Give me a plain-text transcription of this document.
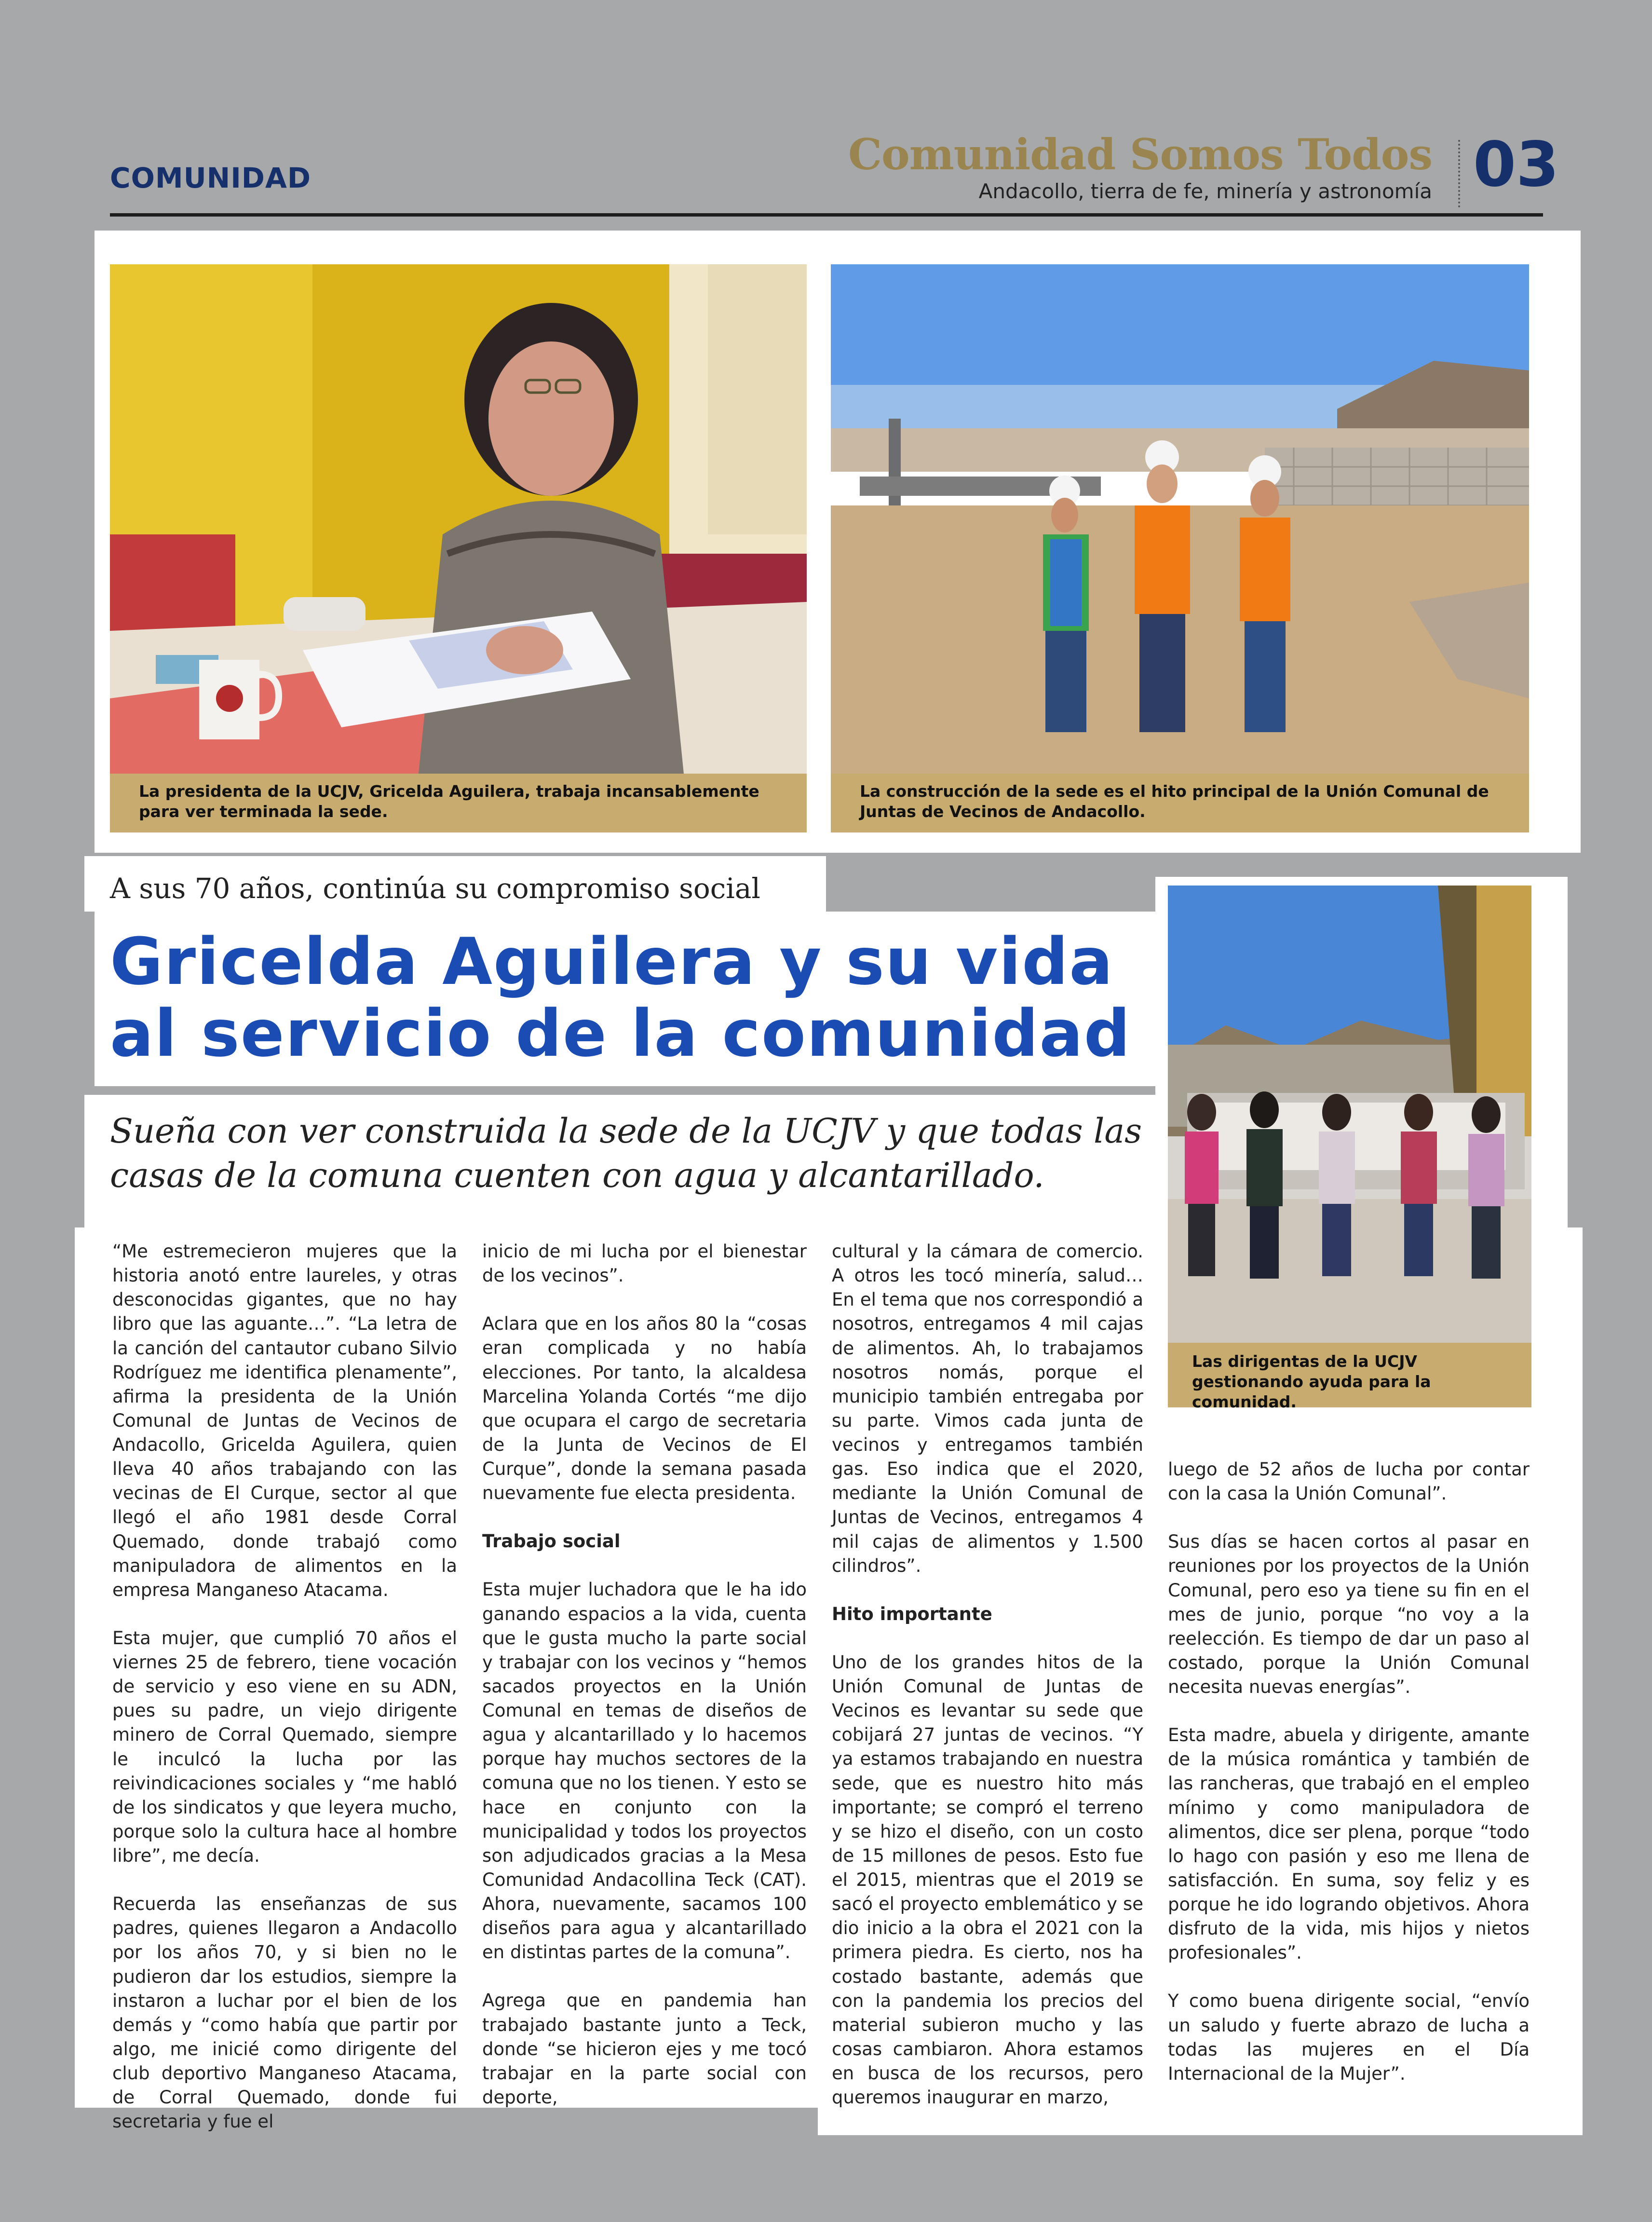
COMUNIDAD	Comunidad Somos Todos
Andacollo, tierra de fe, minería y astronomía 03
La presidenta de la UCJV, Gricelda Aguilera, trabaja incansablemente para ver terminada la sede.
La construcción de la sede es el hito principal de la Unión Comunal de Juntas de Vecinos de Andacollo.
A sus 70 años, continúa su compromiso social
Gricelda Aguilera y su vida al servicio de la comunidad
Sueña con ver construida la sede de la UCJV y que todas las casas de la comuna cuenten con agua y alcantarillado.
Las dirigentas de la UCJV gestionando ayuda para la comunidad.

“Me estremecieron mujeres que la historia anotó entre laureles, y otras desconocidas gigantes, que no hay libro que las aguante…”. “La letra de la canción del cantautor cubano Silvio Rodríguez me identifica plenamente”, afirma la presidenta de la Unión Comunal de Juntas de Vecinos de Andacollo, Gricelda Aguilera, quien lleva 40 años trabajando con las vecinas de El Curque, sector al que llegó el año 1981 desde Corral Quemado, donde trabajó como manipuladora de alimentos en la empresa Manganeso Atacama.

Esta mujer, que cumplió 70 años el viernes 25 de febrero, tiene vocación de servicio y eso viene en su ADN, pues su padre, un viejo dirigente minero de Corral Quemado, siempre le inculcó la lucha por las reivindicaciones sociales y “me habló de los sindicatos y que leyera mucho, porque solo la cultura hace al hombre libre”, me decía.

Recuerda las enseñanzas de sus padres, quienes llegaron a Andacollo por los años 70, y si bien no le pudieron dar los estudios, siempre la instaron a luchar por el bien de los demás y “como había que partir por algo, me inicié como dirigente del club deportivo Manganeso Atacama, de Corral Quemado, donde fui secretaria y fue el

inicio de mi lucha por el bienestar de los vecinos”.

Aclara que en los años 80 la “cosas eran complicada y no había elecciones. Por tanto, la alcaldesa Marcelina Yolanda Cortés “me dijo que ocupara el cargo de secretaria de la Junta de Vecinos de El Curque”, donde la semana pasada nuevamente fue electa presidenta.

Trabajo social

Esta mujer luchadora que le ha ido ganando espacios a la vida, cuenta que le gusta mucho la parte social y trabajar con los vecinos y “hemos sacados proyectos en la Unión Comunal en temas de diseños de agua y alcantarillado y lo hacemos porque hay muchos sectores de la comuna que no los tienen. Y esto se hace en conjunto con la municipalidad y todos los proyectos son adjudicados gracias a la Mesa Comunidad Andacollina Teck (CAT). Ahora, nuevamente, sacamos 100 diseños para agua y alcantarillado en distintas partes de la comuna”.

Agrega que en pandemia han trabajado bastante junto a Teck, donde “se hicieron ejes y me tocó trabajar en la parte social con deporte,

cultural y la cámara de comercio. A otros les tocó minería, salud… En el tema que nos correspondió a nosotros, entregamos 4 mil cajas de alimentos. Ah, lo trabajamos nosotros nomás, porque el municipio también entregaba por su parte. Vimos cada junta de vecinos y entregamos también gas. Eso indica que el 2020, mediante la Unión Comunal de Juntas de Vecinos, entregamos 4 mil cajas de alimentos y 1.500 cilindros”.

Hito importante

Uno de los grandes hitos de la Unión Comunal de Juntas de Vecinos es levantar su sede que cobijará 27 juntas de vecinos. “Y ya estamos trabajando en nuestra sede, que es nuestro hito más importante; se compró el terreno y se hizo el diseño, con un costo de 15 millones de pesos. Esto fue el 2015, mientras que el 2019 se sacó el proyecto emblemático y se dio inicio a la obra el 2021 con la primera piedra. Es cierto, nos ha costado bastante, además que con la pandemia los precios del material subieron mucho y las cosas cambiaron. Ahora estamos en busca de los recursos, pero queremos inaugurar en marzo,

luego de 52 años de lucha por contar con la casa la Unión Comunal”.

Sus días se hacen cortos al pasar en reuniones por los proyectos de la Unión Comunal, pero eso ya tiene su fin en el mes de junio, porque “no voy a la reelección. Es tiempo de dar un paso al costado, porque la Unión Comunal necesita nuevas energías”.

Esta madre, abuela y dirigente, amante de la música romántica y también de las rancheras, que trabajó en el empleo mínimo y como manipuladora de alimentos, dice ser plena, porque “todo lo hago con pasión y eso me llena de satisfacción. En suma, soy feliz y es porque he ido logrando objetivos. Ahora disfruto de la vida, mis hijos y nietos profesionales”.

Y como buena dirigente social, “envío un saludo y fuerte abrazo de lucha a todas las mujeres en el Día Internacional de la Mujer”.
